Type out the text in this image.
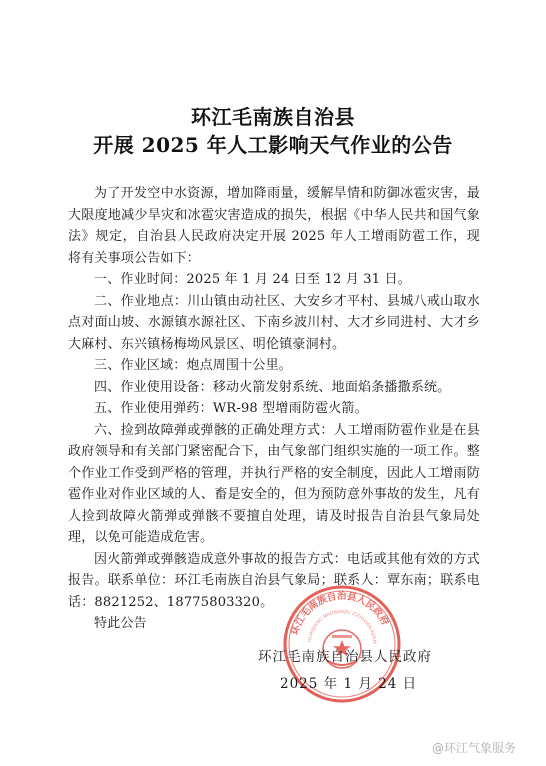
环江毛南族自治县
开展 2025 年人工影响天气作业的公告

为了开发空中水资源，增加降雨量，缓解旱情和防御冰雹灾害，最大限度地减少旱灾和冰雹灾害造成的损失，根据《中华人民共和国气象法》规定，自治县人民政府决定开展 2025 年人工增雨防雹工作，现将有关事项公告如下：

一、作业时间：2025 年 1 月 24 日至 12 月 31 日。

二、作业地点：川山镇由动社区、大安乡才平村、县城八戒山取水点对面山坡、水源镇水源社区、下南乡波川村、大才乡同进村、大才乡大麻村、东兴镇杨梅坳风景区、明伦镇豪洞村。

三、作业区域：炮点周围十公里。

四、作业使用设备：移动火箭发射系统、地面焰条播撒系统。

五、作业使用弹药：WR-98 型增雨防雹火箭。

六、捡到故障弹或弹骸的正确处理方式：人工增雨防雹作业是在县政府领导和有关部门紧密配合下，由气象部门组织实施的一项工作。整个作业工作受到严格的管理，并执行严格的安全制度，因此人工增雨防雹作业对作业区域的人、畜是安全的，但为预防意外事故的发生，凡有人捡到故障火箭弹或弹骸不要擅自处理，请及时报告自治县气象局处理，以免可能造成危害。

因火箭弹或弹骸造成意外事故的报告方式：电话或其他有效的方式报告。联系单位：环江毛南族自治县气象局；联系人：覃东南；联系电话：8821252、18775803320。

特此公告	环江毛南族自治县人民政府
HUANJIANG MAONANZU ZIZHIXIAN RENM
环江毛南族自治县人民政府
2025 年 1 月 24 日
@环江气象服务
